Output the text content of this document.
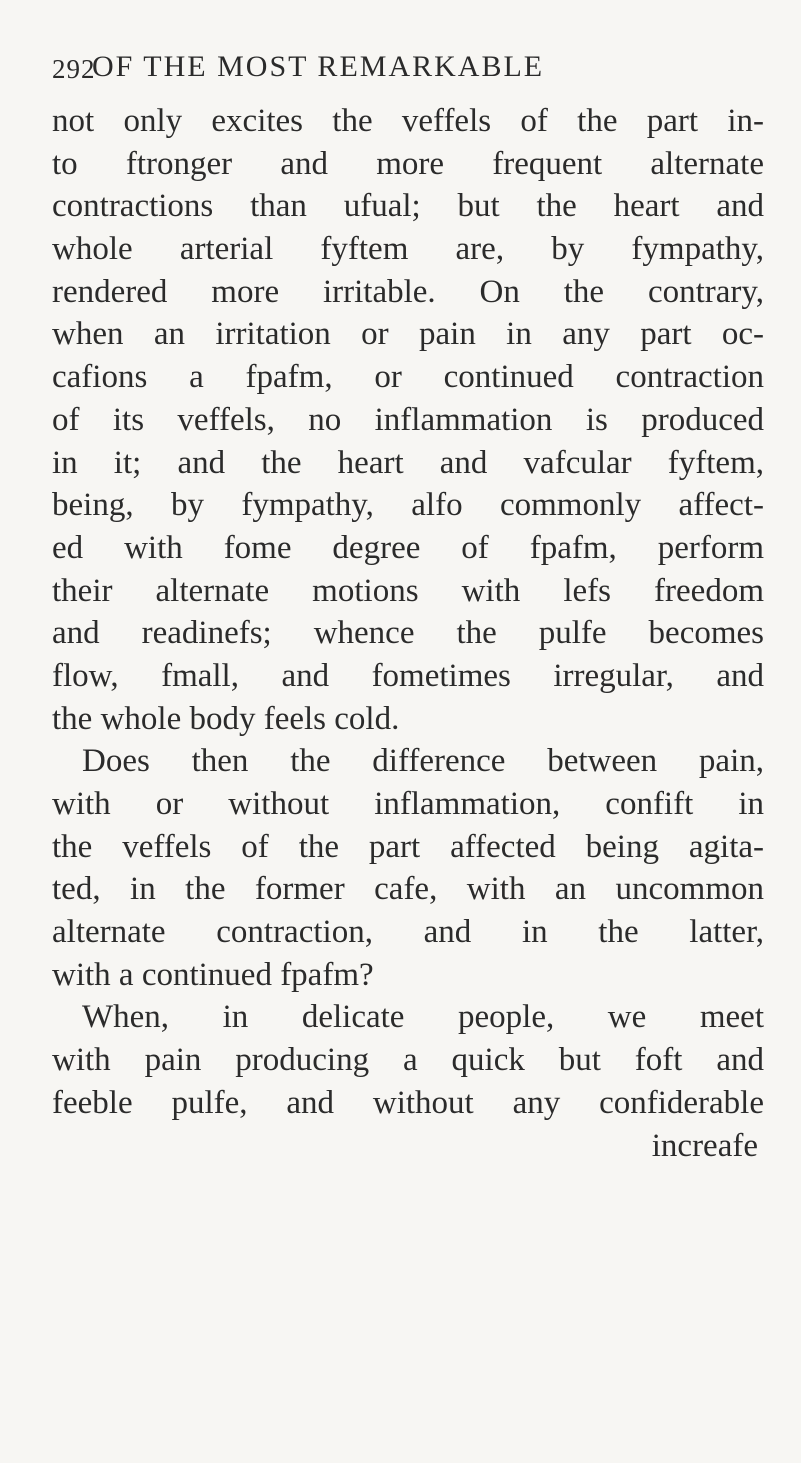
292
OF THE MOST REMARKABLE
not only excites the veffels of the part in-
to ftronger and more frequent alternate
contractions than ufual; but the heart and
whole arterial fyftem are, by fympathy,
rendered more irritable. On the contrary,
when an irritation or pain in any part oc-
cafions a fpafm, or continued contraction
of its veffels, no inflammation is produced
in it; and the heart and vafcular fyftem,
being, by fympathy, alfo commonly affect-
ed with fome degree of fpafm, perform
their alternate motions with lefs freedom
and readinefs; whence the pulfe becomes
flow, fmall, and fometimes irregular, and
the whole body feels cold.
Does then the difference between pain,
with or without inflammation, confift in
the veffels of the part affected being agita-
ted, in the former cafe, with an uncommon
alternate contraction, and in the latter,
with a continued fpafm?
When, in delicate people, we meet
with pain producing a quick but foft and
feeble pulfe, and without any confiderable
increafe
